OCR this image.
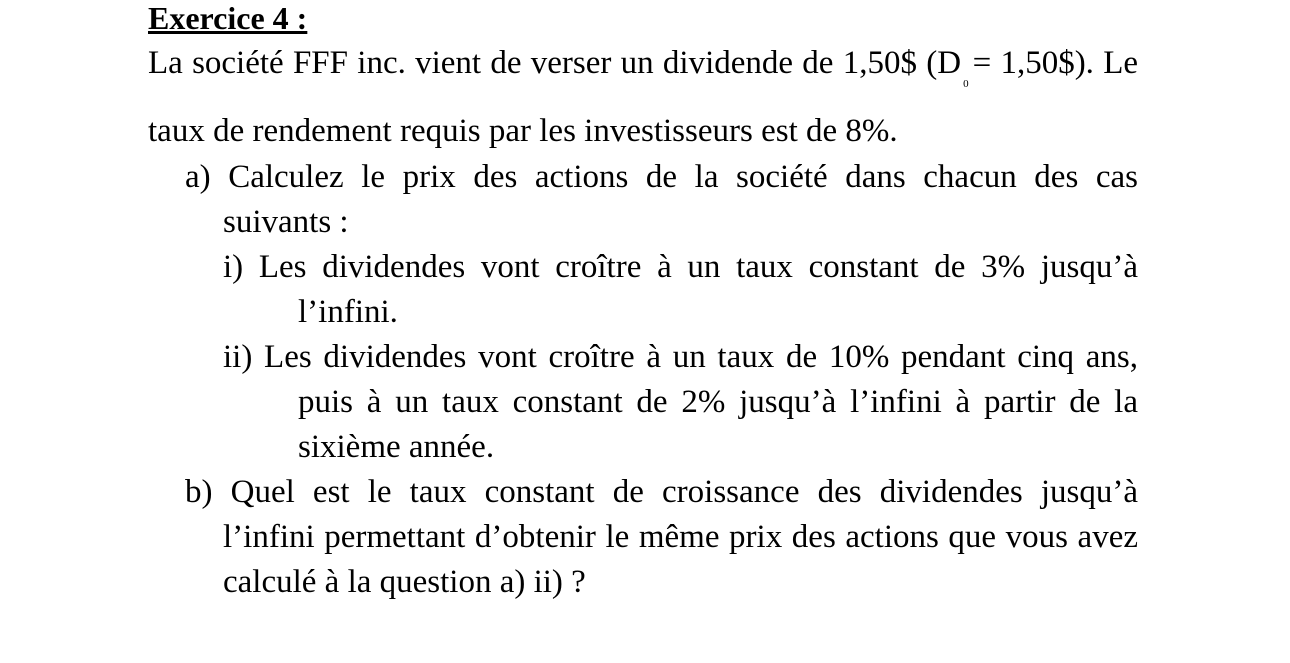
Exercice 4 :

La société FFF inc. vient de verser un dividende de 1,50$ ($D_0=$ 1,50$). Le taux de rendement requis par les investisseurs est de 8%.

a) Calculez le prix des actions de la société dans chacun des cas suivants :

i) Les dividendes vont croître à un taux constant de 3% jusqu’à l’infini.

ii) Les dividendes vont croître à un taux de 10% pendant cinq ans, puis à un taux constant de 2% jusqu’à l’infini à partir de la sixième année.

b) Quel est le taux constant de croissance des dividendes jusqu’à l’infini permettant d’obtenir le même prix des actions que vous avez calculé à la question a) ii) ?
